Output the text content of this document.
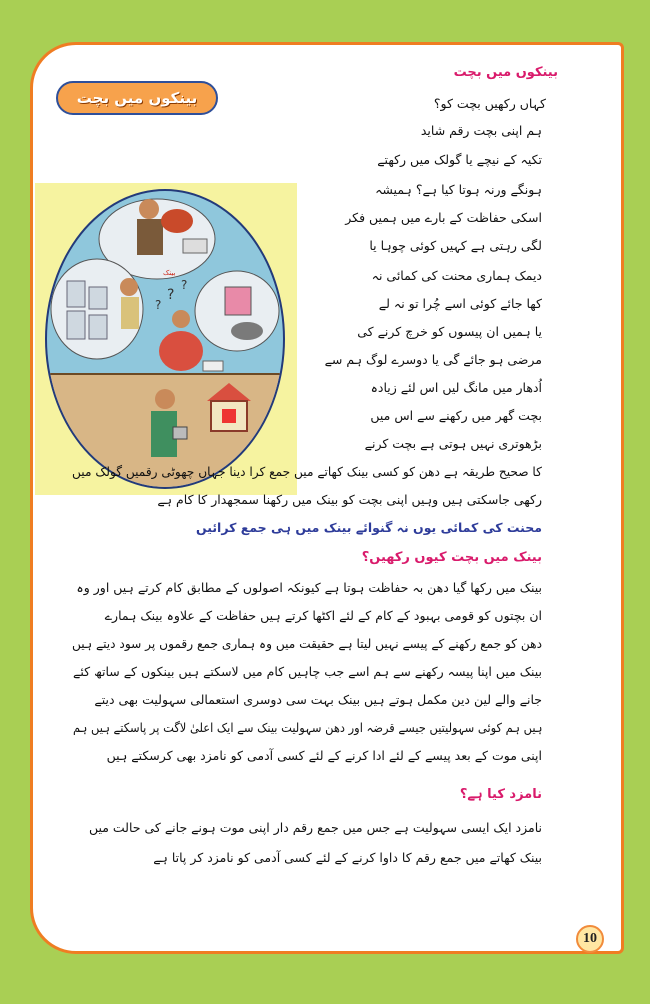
بینکوں میں بچت
?
?
?
بینک
بینکوں میں بچت
کہاں رکھیں بچت کو؟
ہم اپنی بچت رقم شاید
تکیہ کے نیچے یا گولک میں رکھتے
ہونگے ورنہ ہوتا کیا ہے؟ ہمیشہ
اسکی حفاظت کے بارے میں ہمیں فکر
لگی رہتی ہے کہیں کوئی چوہا یا
دیمک ہماری محنت کی کمائی نہ
کھا جائے کوئی اسے چُرا تو نہ لے
یا ہمیں ان پیسوں کو خرچ کرنے کی
مرضی ہو جائے گی یا دوسرے لوگ ہم سے
اُدھار میں مانگ لیں اس لئے زیادہ
بچت گھر میں رکھنے سے اس میں
بڑھوتری نہیں ہوتی ہے بچت کرنے
کا صحیح طریقہ ہے دھن کو کسی بینک کھاتے میں جمع کرا دینا جہاں چھوٹی رقمیں گولک میں
رکھی جاسکتی ہیں وہیں اپنی بچت کو بینک میں رکھنا سمجھدار کا کام ہے
محنت کی کمائی یوں نہ گنوائے بینک میں ہی جمع کرائیں
بینک میں بچت کیوں رکھیں؟
بینک میں رکھا گیا دھن بہ حفاظت ہوتا ہے کیونکہ اصولوں کے مطابق کام کرتے ہیں اور وہ
ان بچتوں کو قومی بہبود کے کام کے لئے اکٹھا کرتے ہیں حفاظت کے علاوہ بینک ہمارے
دھن کو جمع رکھنے کے پیسے نہیں لیتا ہے حقیقت میں وہ ہماری جمع رقموں پر سود دیتے ہیں
بینک میں اپنا پیسہ رکھنے سے ہم اسے جب چاہیں کام میں لاسکتے ہیں بینکوں کے ساتھ کئے
جانے والے لین دین مکمل ہوتے ہیں بینک بہت سی دوسری استعمالی سہولیت بھی دیتے
ہیں ہم کوئی سہولیتیں جیسے قرضہ اور دھن سہولیت بینک سے ایک اعلیٰ لاگت پر پاسکتے ہیں ہم
اپنی موت کے بعد پیسے کے لئے ادا کرنے کے لئے کسی آدمی کو نامزد بھی کرسکتے ہیں
نامزد کیا ہے؟
نامزد ایک ایسی سہولیت ہے جس میں جمع رقم دار اپنی موت ہونے جانے کی حالت میں
بینک کھاتے میں جمع رقم کا داوا کرنے کے لئے کسی آدمی کو نامزد کر پاتا ہے
10
